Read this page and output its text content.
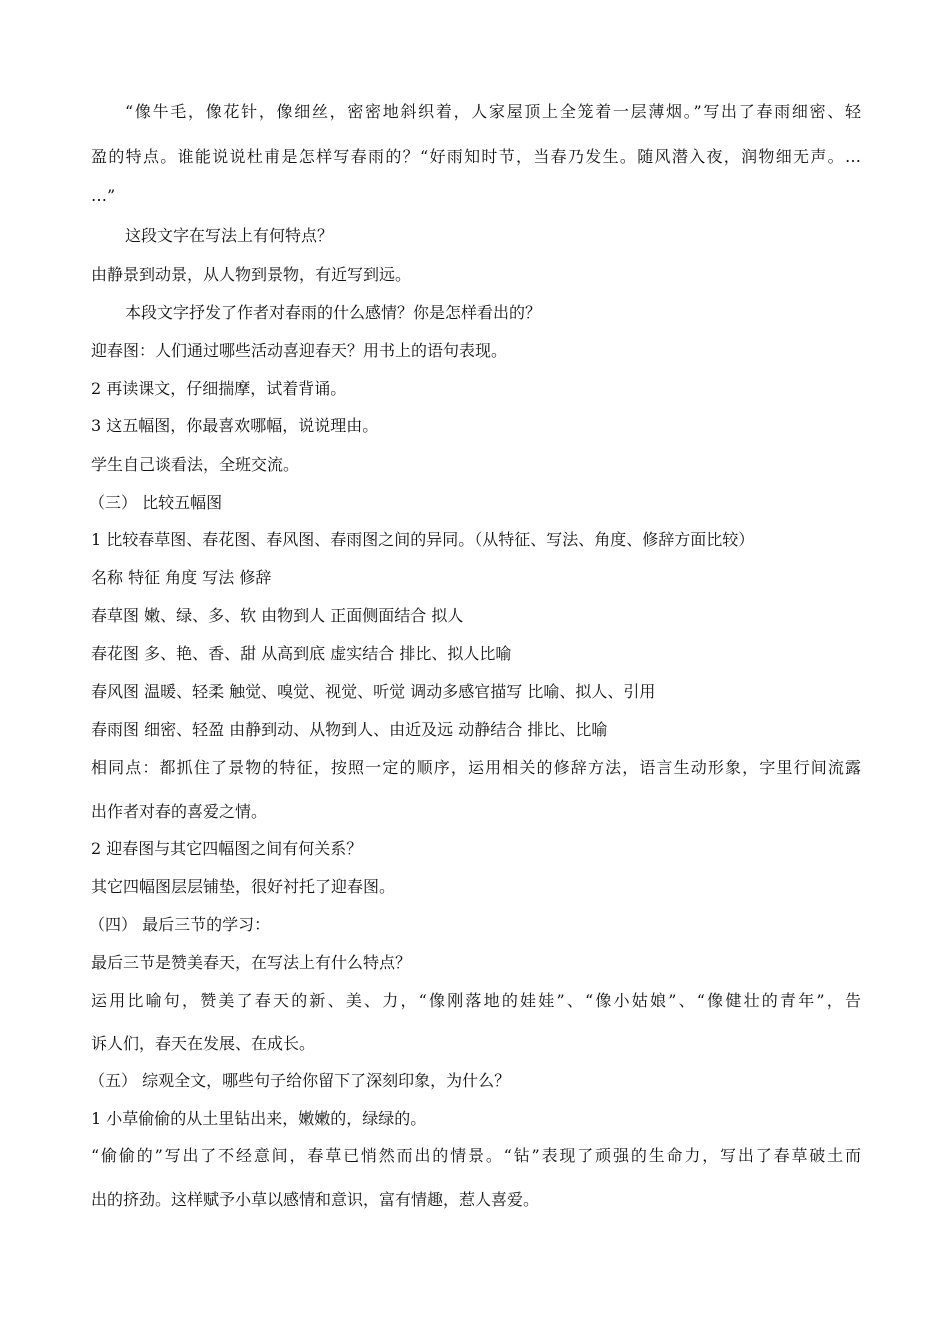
“像牛毛，像花针，像细丝，密密地斜织着，人家屋顶上全笼着一层薄烟。”写出了春雨细密、轻
盈的特点。谁能说说杜甫是怎样写春雨的？“好雨知时节，当春乃发生。随风潜入夜，润物细无声。…
…”
这段文字在写法上有何特点？
由静景到动景，从人物到景物，有近写到远。
本段文字抒发了作者对春雨的什么感情？你是怎样看出的？
迎春图：人们通过哪些活动喜迎春天？用书上的语句表现。
2 再读课文，仔细揣摩，试着背诵。
3 这五幅图，你最喜欢哪幅，说说理由。
学生自己谈看法，全班交流。
（三） 比较五幅图
1 比较春草图、春花图、春风图、春雨图之间的异同。（从特征、写法、角度、修辞方面比较）
名称 特征 角度 写法 修辞
春草图 嫩、绿、多、软 由物到人 正面侧面结合 拟人
春花图 多、艳、香、甜 从高到底 虚实结合 排比、拟人比喻
春风图 温暖、轻柔 触觉、嗅觉、视觉、听觉 调动多感官描写 比喻、拟人、引用
春雨图 细密、轻盈 由静到动、从物到人、由近及远 动静结合 排比、比喻
相同点：都抓住了景物的特征，按照一定的顺序，运用相关的修辞方法，语言生动形象，字里行间流露
出作者对春的喜爱之情。
2 迎春图与其它四幅图之间有何关系？
其它四幅图层层铺垫，很好衬托了迎春图。
（四） 最后三节的学习：
最后三节是赞美春天，在写法上有什么特点？
运用比喻句，赞美了春天的新、美、力，“像刚落地的娃娃”、“像小姑娘”、“像健壮的青年”，告
诉人们，春天在发展、在成长。
（五） 综观全文，哪些句子给你留下了深刻印象，为什么？
1 小草偷偷的从土里钻出来，嫩嫩的，绿绿的。
“偷偷的”写出了不经意间，春草已悄然而出的情景。“钻”表现了顽强的生命力，写出了春草破土而
出的挤劲。这样赋予小草以感情和意识，富有情趣，惹人喜爱。
